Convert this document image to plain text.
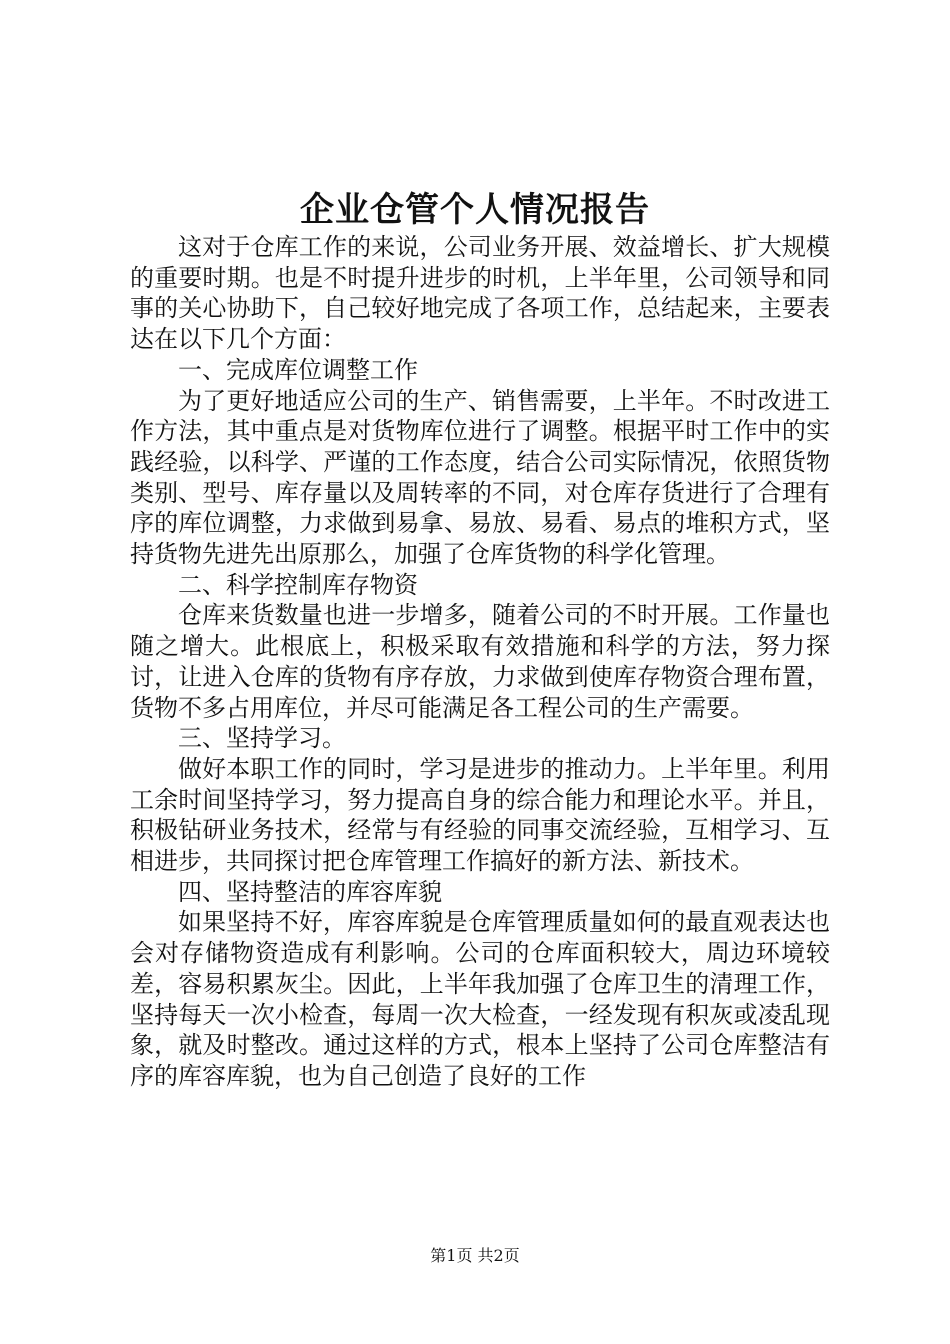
企业仓管个人情况报告

这对于仓库工作的来说，公司业务开展、效益增长、扩大规模的重要时期。也是不时提升进步的时机，上半年里，公司领导和同事的关心协助下，自己较好地完成了各项工作，总结起来，主要表达在以下几个方面：

一、完成库位调整工作

为了更好地适应公司的生产、销售需要，上半年。不时改进工作方法，其中重点是对货物库位进行了调整。根据平时工作中的实践经验，以科学、严谨的工作态度，结合公司实际情况，依照货物类别、型号、库存量以及周转率的不同，对仓库存货进行了合理有序的库位调整，力求做到易拿、易放、易看、易点的堆积方式，坚持货物先进先出原那么，加强了仓库货物的科学化管理。

二、科学控制库存物资

仓库来货数量也进一步增多，随着公司的不时开展。工作量也随之增大。此根底上，积极采取有效措施和科学的方法，努力探讨，让进入仓库的货物有序存放，力求做到使库存物资合理布置，货物不多占用库位，并尽可能满足各工程公司的生产需要。

三、坚持学习。

做好本职工作的同时，学习是进步的推动力。上半年里。利用工余时间坚持学习，努力提高自身的综合能力和理论水平。并且，积极钻研业务技术，经常与有经验的同事交流经验，互相学习、互相进步，共同探讨把仓库管理工作搞好的新方法、新技术。

四、坚持整洁的库容库貌

如果坚持不好，库容库貌是仓库管理质量如何的最直观表达也会对存储物资造成有利影响。公司的仓库面积较大，周边环境较差，容易积累灰尘。因此，上半年我加强了仓库卫生的清理工作，坚持每天一次小检查，每周一次大检查，一经发现有积灰或凌乱现象，就及时整改。通过这样的方式，根本上坚持了公司仓库整洁有序的库容库貌，也为自己创造了良好的工作

第1页 共2页
